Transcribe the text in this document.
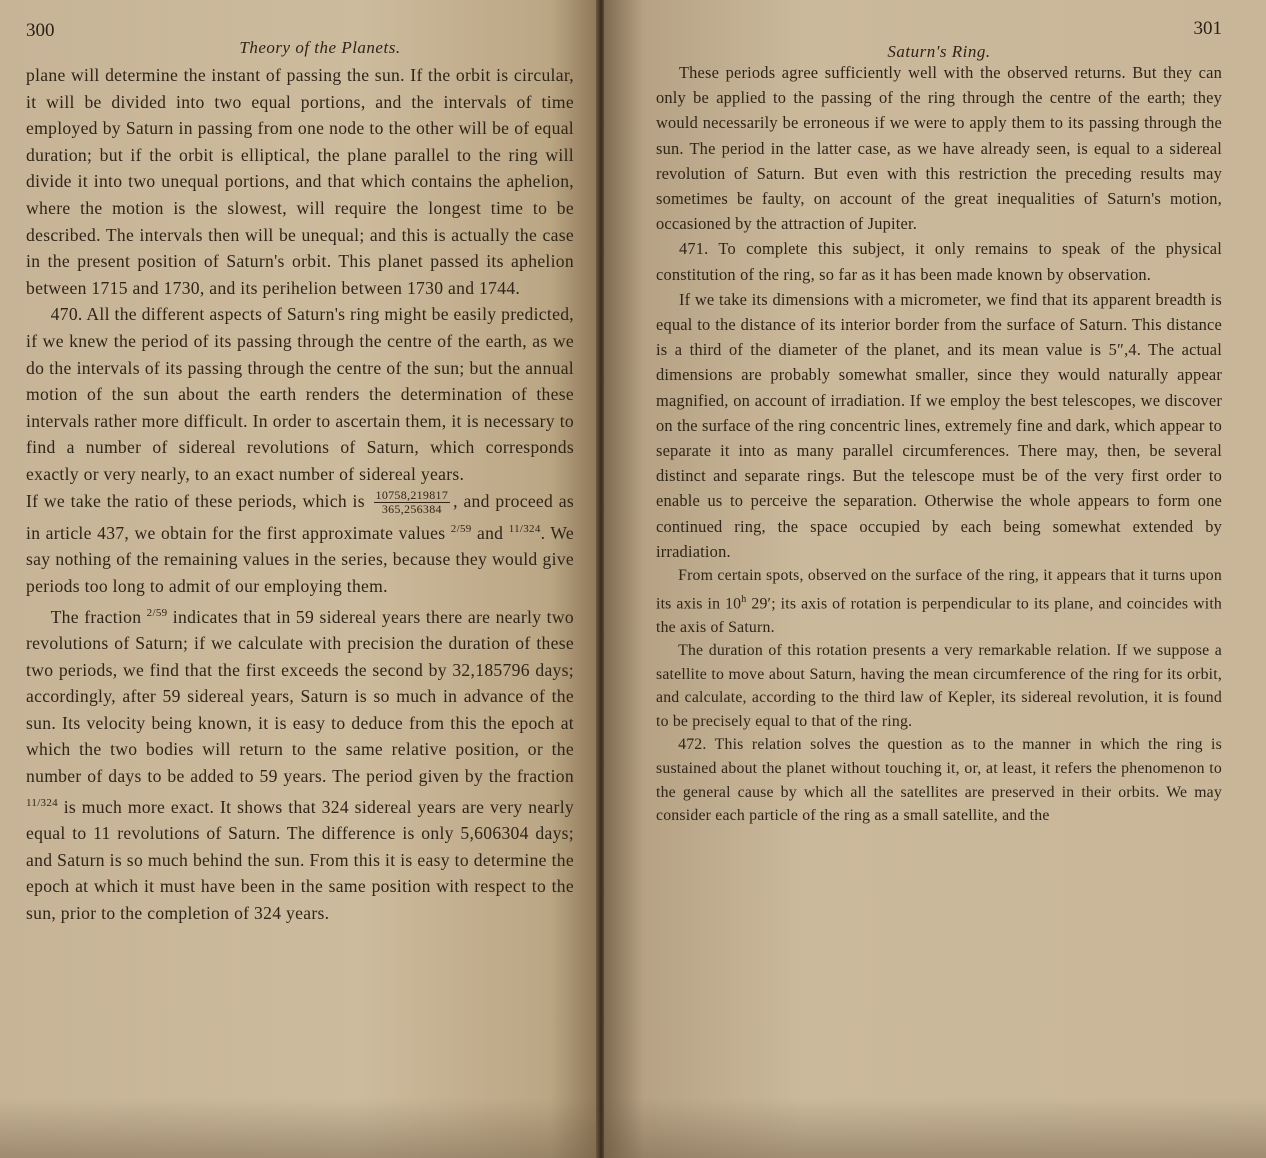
300
Theory of the Planets.

plane will determine the instant of passing the sun. If the orbit is circular, it will be divided into two equal portions, and the intervals of time employed by Saturn in passing from one node to the other will be of equal duration; but if the orbit is elliptical, the plane parallel to the ring will divide it into two unequal portions, and that which contains the aphelion, where the motion is the slowest, will require the longest time to be described. The intervals then will be unequal; and this is actually the case in the present position of Saturn's orbit. This planet passed its aphelion between 1715 and 1730, and its perihelion between 1730 and 1744.

470. All the different aspects of Saturn's ring might be easily predicted, if we knew the period of its passing through the centre of the earth, as we do the intervals of its passing through the centre of the sun; but the annual motion of the sun about the earth renders the determination of these intervals rather more difficult. In order to ascertain them, it is necessary to find a number of sidereal revolutions of Saturn, which corresponds exactly or very nearly, to an exact number of sidereal years.

If we take the ratio of these periods, which is $\frac{10758,219817}{365,256384}$ , and proceed as in article 437, we obtain for the first approximate values $^{2/59}$ and $^{11/324}$. We say nothing of the remaining values in the series, because they would give periods too long to admit of our employing them.

The fraction $^{2/59}$ indicates that in 59 sidereal years there are nearly two revolutions of Saturn; if we calculate with precision the duration of these two periods, we find that the first exceeds the second by 32,185796 days; accordingly, after 59 sidereal years, Saturn is so much in advance of the sun. Its velocity being known, it is easy to deduce from this the epoch at which the two bodies will return to the same relative position, or the number of days to be added to 59 years. The period given by the fraction $^{11/324}$ is much more exact. It shows that 324 sidereal years are very nearly equal to 11 revolutions of Saturn. The difference is only 5,606304 days; and Saturn is so much behind the sun. From this it is easy to determine the epoch at which it must have been in the same position with respect to the sun, prior to the completion of 324 years.

301
Saturn's Ring.

These periods agree sufficiently well with the observed returns. But they can only be applied to the passing of the ring through the centre of the earth; they would necessarily be erroneous if we were to apply them to its passing through the sun. The period in the latter case, as we have already seen, is equal to a sidereal revolution of Saturn. But even with this restriction the preceding results may sometimes be faulty, on account of the great inequalities of Saturn's motion, occasioned by the attraction of Jupiter.

471. To complete this subject, it only remains to speak of the physical constitution of the ring, so far as it has been made known by observation.

If we take its dimensions with a micrometer, we find that its apparent breadth is equal to the distance of its interior border from the surface of Saturn. This distance is a third of the diameter of the planet, and its mean value is 5″,4. The actual dimensions are probably somewhat smaller, since they would naturally appear magnified, on account of irradiation. If we employ the best telescopes, we discover on the surface of the ring concentric lines, extremely fine and dark, which appear to separate it into as many parallel circumferences. There may, then, be several distinct and separate rings. But the telescope must be of the very first order to enable us to perceive the separation. Otherwise the whole appears to form one continued ring, the space occupied by each being somewhat extended by irradiation.

From certain spots, observed on the surface of the ring, it appears that it turns upon its axis in 10$^h$ 29′; its axis of rotation is perpendicular to its plane, and coincides with the axis of Saturn.

The duration of this rotation presents a very remarkable relation. If we suppose a satellite to move about Saturn, having the mean circumference of the ring for its orbit, and calculate, according to the third law of Kepler, its sidereal revolution, it is found to be precisely equal to that of the ring.

472. This relation solves the question as to the manner in which the ring is sustained about the planet without touching it, or, at least, it refers the phenomenon to the general cause by which all the satellites are preserved in their orbits. We may consider each particle of the ring as a small satellite, and the
